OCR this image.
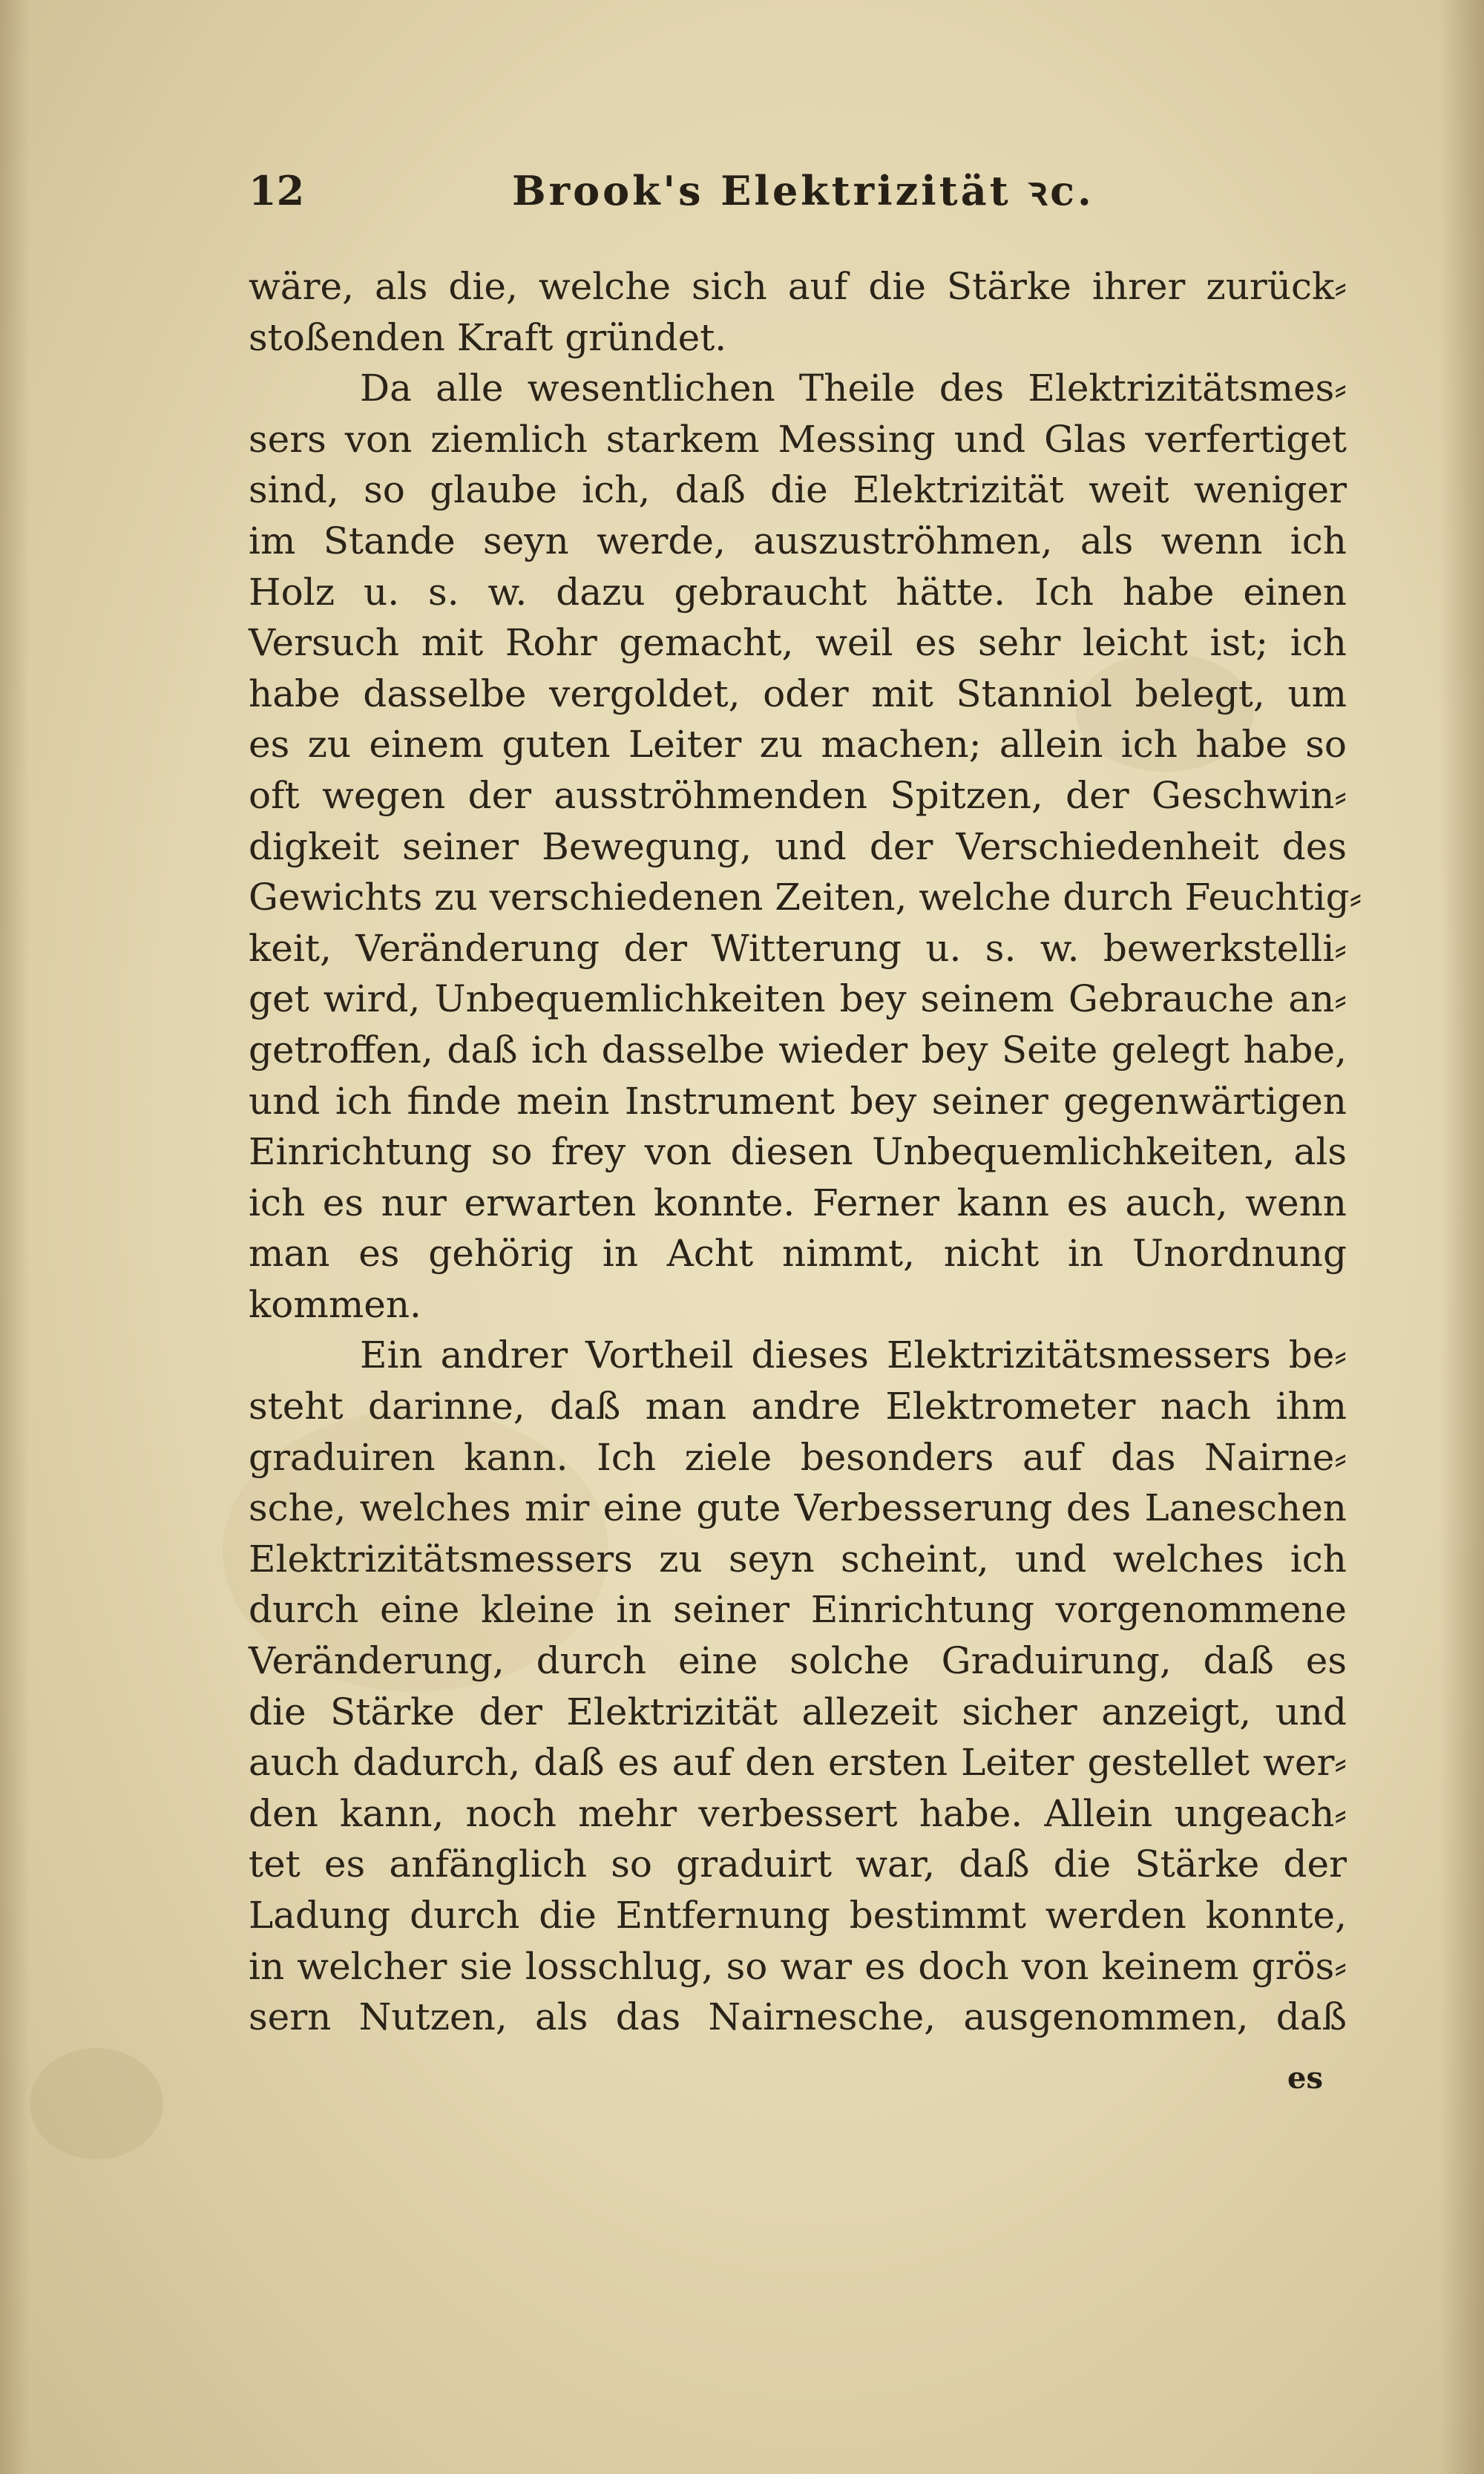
12	Brook's Elektrizität ꝛc.
wäre, als die, welche sich auf die Stärke ihrer zurück⸗
stoßenden Kraft gründet.
Da alle wesentlichen Theile des Elektrizitätsmes⸗
sers von ziemlich starkem Messing und Glas verfertiget
sind, so glaube ich, daß die Elektrizität weit weniger
im Stande seyn werde, auszuströhmen, als wenn ich
Holz u. s. w. dazu gebraucht hätte. Ich habe einen
Versuch mit Rohr gemacht, weil es sehr leicht ist; ich
habe dasselbe vergoldet, oder mit Stanniol belegt, um
es zu einem guten Leiter zu machen; allein ich habe so
oft wegen der ausströhmenden Spitzen, der Geschwin⸗
digkeit seiner Bewegung, und der Verschiedenheit des
Gewichts zu verschiedenen Zeiten, welche durch Feuchtig⸗
keit, Veränderung der Witterung u. s. w. bewerkstelli⸗
get wird, Unbequemlichkeiten bey seinem Gebrauche an⸗
getroffen, daß ich dasselbe wieder bey Seite gelegt habe,
und ich finde mein Instrument bey seiner gegenwärtigen
Einrichtung so frey von diesen Unbequemlichkeiten, als
ich es nur erwarten konnte. Ferner kann es auch, wenn
man es gehörig in Acht nimmt, nicht in Unordnung
kommen.
Ein andrer Vortheil dieses Elektrizitätsmessers be⸗
steht darinne, daß man andre Elektrometer nach ihm
graduiren kann. Ich ziele besonders auf das Nairne⸗
sche, welches mir eine gute Verbesserung des Laneschen
Elektrizitätsmessers zu seyn scheint, und welches ich
durch eine kleine in seiner Einrichtung vorgenommene
Veränderung, durch eine solche Graduirung, daß es
die Stärke der Elektrizität allezeit sicher anzeigt, und
auch dadurch, daß es auf den ersten Leiter gestellet wer⸗
den kann, noch mehr verbessert habe. Allein ungeach⸗
tet es anfänglich so graduirt war, daß die Stärke der
Ladung durch die Entfernung bestimmt werden konnte,
in welcher sie losschlug, so war es doch von keinem grös⸗
sern Nutzen, als das Nairnesche, ausgenommen, daß
es
